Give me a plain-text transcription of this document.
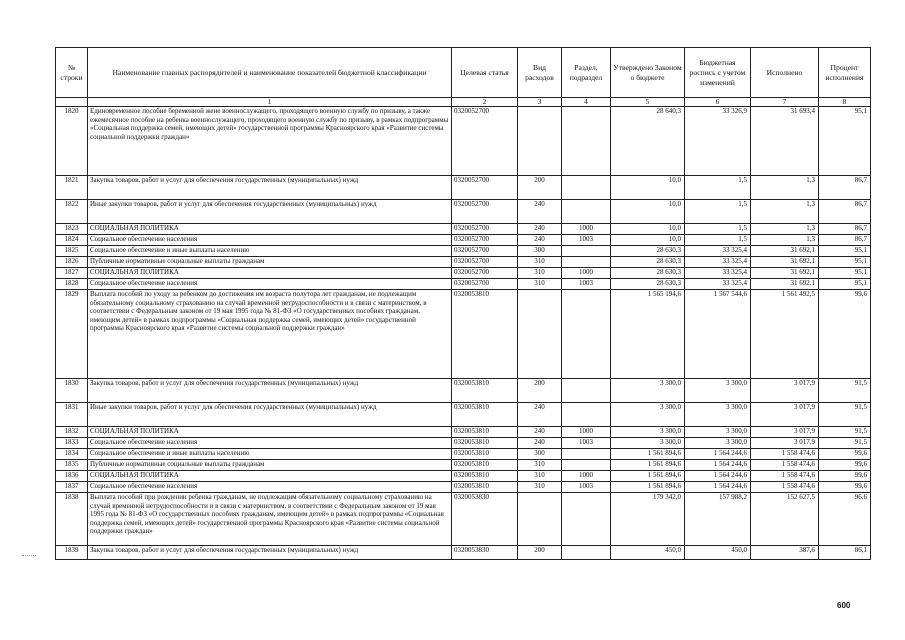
№ строки	Наименование главных распорядителей и наименование показателей бюджетной классификации	Целевая статья	Вид расходов	Раздел, подраздел	Утверждено Законом о бюджете	Бюджетная роспись с учетом изменений	Исполнено	Процент исполнения
	1	2	3	4	5	6	7	8
1820	Единовременное пособие беременной жене военнослужащего, проходящего военную службу по призыву, а также ежемесячное пособие на ребенка военнослужащего, проходящего военную службу по призыву, в рамках подпрограммы «Социальная поддержка семей, имеющих детей» государственной программы Красноярского края «Развитие системы социальной поддержки граждан»	0320052700			28 640,3	33 326,9	31 693,4	95,1
1821	Закупка товаров, работ и услуг для обеспечения государственных (муниципальных) нужд	0320052700	200		10,0	1,5	1,3	86,7
1822	Иные закупки товаров, работ и услуг для обеспечения государственных (муниципальных) нужд	0320052700	240		10,0	1,5	1,3	86,7
1823	СОЦИАЛЬНАЯ ПОЛИТИКА	0320052700	240	1000	10,0	1,5	1,3	86,7
1824	Социальное обеспечение населения	0320052700	240	1003	10,0	1,5	1,3	86,7
1825	Социальное обеспечение и иные выплаты населению	0320052700	300		28 630,3	33 325,4	31 692,1	95,1
1826	Публичные нормативные социальные выплаты гражданам	0320052700	310		28 630,3	33 325,4	31 692,1	95,1
1827	СОЦИАЛЬНАЯ ПОЛИТИКА	0320052700	310	1000	28 630,3	33 325,4	31 692,1	95,1
1828	Социальное обеспечение населения	0320052700	310	1003	28 630,3	33 325,4	31 692,1	95,1
1829	Выплата пособий по уходу за ребенком до достижения им возраста полутора лет гражданам, не подлежащим обязательному социальному страхованию на случай временной нетрудоспособности и в связи с материнством, в соответствии с Федеральным законом от 19 мая 1995 года № 81-ФЗ «О государственных пособиях гражданам, имеющим детей» в рамках подпрограммы «Социальная поддержка семей, имеющих детей» государственной программы Красноярского края «Развитие системы социальной поддержки граждан»	0320053810			1 565 194,6	1 567 544,6	1 561 492,5	99,6
1830	Закупка товаров, работ и услуг для обеспечения государственных (муниципальных) нужд	0320053810	200		3 300,0	3 300,0	3 017,9	91,5
1831	Иные закупки товаров, работ и услуг для обеспечения государственных (муниципальных) нужд	0320053810	240		3 300,0	3 300,0	3 017,9	91,5
1832	СОЦИАЛЬНАЯ ПОЛИТИКА	0320053810	240	1000	3 300,0	3 300,0	3 017,9	91,5
1833	Социальное обеспечение населения	0320053810	240	1003	3 300,0	3 300,0	3 017,9	91,5
1834	Социальное обеспечение и иные выплаты населению	0320053810	300		1 561 894,6	1 564 244,6	1 558 474,6	99,6
1835	Публичные нормативные социальные выплаты гражданам	0320053810	310		1 561 894,6	1 564 244,6	1 558 474,6	99,6
1836	СОЦИАЛЬНАЯ ПОЛИТИКА	0320053810	310	1000	1 561 894,6	1 564 244,6	1 558 474,6	99,6
1837	Социальное обеспечение населения	0320053810	310	1003	1 561 894,6	1 564 244,6	1 558 474,6	99,6
1838	Выплата пособий при рождении ребенка гражданам, не подлежащим обязательному социальному страхованию на случай временной нетрудоспособности и в связи с материнством, в соответствии с Федеральным законом от 19 мая 1995 года № 81-ФЗ «О государственных пособиях гражданам, имеющим детей» в рамках подпрограммы «Социальная поддержка семей, имеющих детей» государственной программы Красноярского края «Развитие системы социальной поддержки граждан»	0320053830			179 342,0	157 988,2	152 627,5	96,6
1839	Закупка товаров, работ и услуг для обеспечения государственных (муниципальных) нужд	0320053830	200		450,0	450,0	387,6	86,1
600
